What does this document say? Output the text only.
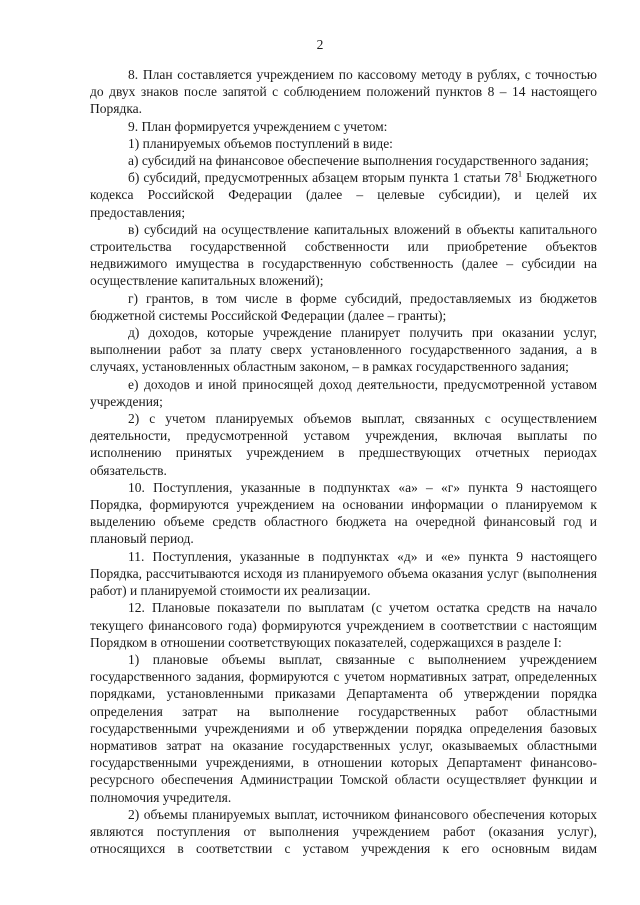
2

8. План составляется учреждением по кассовому методу в рублях, с точностью до двух знаков после запятой с соблюдением положений пунктов 8 – 14 настоящего Порядка.

9. План формируется учреждением с учетом:

1) планируемых объемов поступлений в виде:

а) субсидий на финансовое обеспечение выполнения государственного задания;

б) субсидий, предусмотренных абзацем вторым пункта 1 статьи $78^1$ Бюджетного кодекса Российской Федерации (далее – целевые субсидии), и целей их предоставления;

в) субсидий на осуществление капитальных вложений в объекты капитального строительства государственной собственности или приобретение объектов недвижимого имущества в государственную собственность (далее – субсидии на осуществление капитальных вложений);

г) грантов, в том числе в форме субсидий, предоставляемых из бюджетов бюджетной системы Российской Федерации (далее – гранты);

д) доходов, которые учреждение планирует получить при оказании услуг, выполнении работ за плату сверх установленного государственного задания, а в случаях, установленных областным законом, – в рамках государственного задания;

е) доходов и иной приносящей доход деятельности, предусмотренной уставом учреждения;

2) с учетом планируемых объемов выплат, связанных с осуществлением деятельности, предусмотренной уставом учреждения, включая выплаты по исполнению принятых учреждением в предшествующих отчетных периодах обязательств.

10. Поступления, указанные в подпунктах «а» – «г» пункта 9 настоящего Порядка, формируются учреждением на основании информации о планируемом к выделению объеме средств областного бюджета на очередной финансовый год и плановый период.

11. Поступления, указанные в подпунктах «д» и «е» пункта 9 настоящего Порядка, рассчитываются исходя из планируемого объема оказания услуг (выполнения работ) и планируемой стоимости их реализации.

12. Плановые показатели по выплатам (с учетом остатка средств на начало текущего финансового года) формируются учреждением в соответствии с настоящим Порядком в отношении соответствующих показателей, содержащихся в разделе I:

1) плановые объемы выплат, связанные с выполнением учреждением государственного задания, формируются с учетом нормативных затрат, определенных порядками, установленными приказами Департамента об утверждении порядка определения затрат на выполнение государственных работ областными государственными учреждениями и об утверждении порядка определения базовых нормативов затрат на оказание государственных услуг, оказываемых областными государственными учреждениями, в отношении которых Департамент финансово-ресурсного обеспечения Администрации Томской области осуществляет функции и полномочия учредителя.

2) объемы планируемых выплат, источником финансового обеспечения которых являются поступления от выполнения учреждением работ (оказания услуг), относящихся в соответствии с уставом учреждения к его основным видам
